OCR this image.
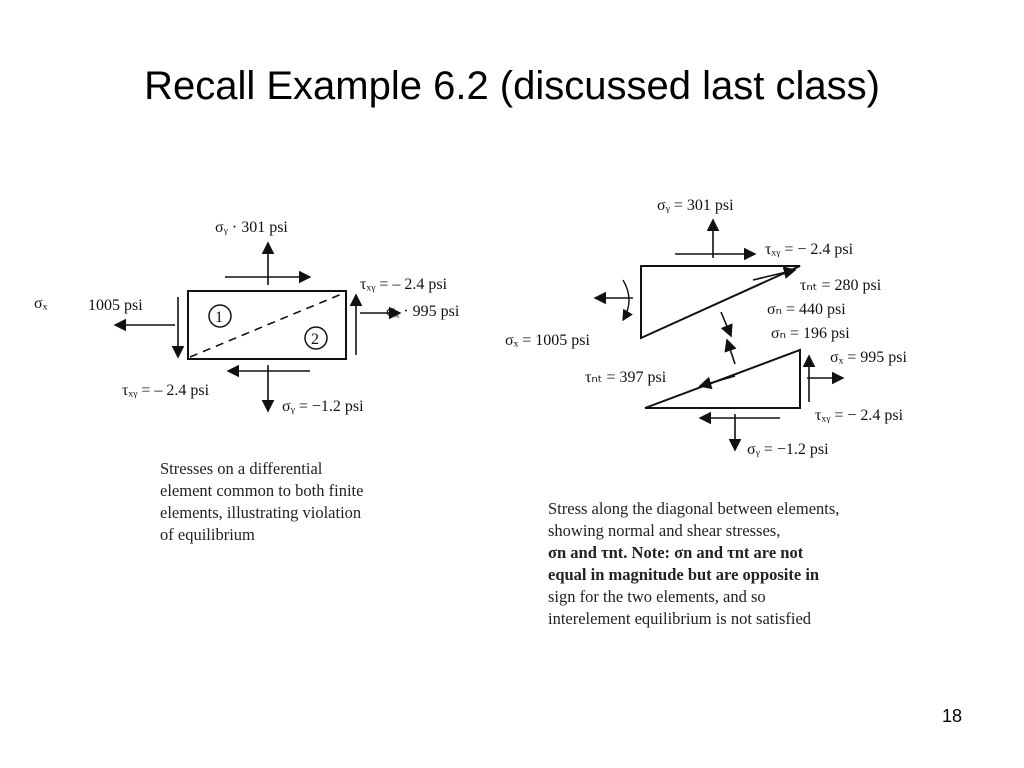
Recall Example 6.2 (discussed last class)
1
2
σᵧ · 301 psi
σₓ	1005 psi
τₓᵧ = – 2.4 psi
σₓ · 995 psi
τₓᵧ = – 2.4 psi
σᵧ = −1.2 psi
Stresses on a differential
element common to both finite
elements, illustrating violation
of equilibrium
σᵧ = 301 psi
τₓᵧ = − 2.4 psi
τₙₜ = 280 psi
σₙ = 440 psi
σₙ = 196 psi
σₓ = 1005 psi
σₓ = 995 psi
τₙₜ = 397 psi
τₓᵧ = − 2.4 psi
σᵧ = −1.2 psi
Stress along the diagonal between elements,
showing normal and shear stresses,
σn and τnt. Note: σn and τnt are not
equal in magnitude but are opposite in
sign for the two elements, and so
interelement equilibrium is not satisfied
18
